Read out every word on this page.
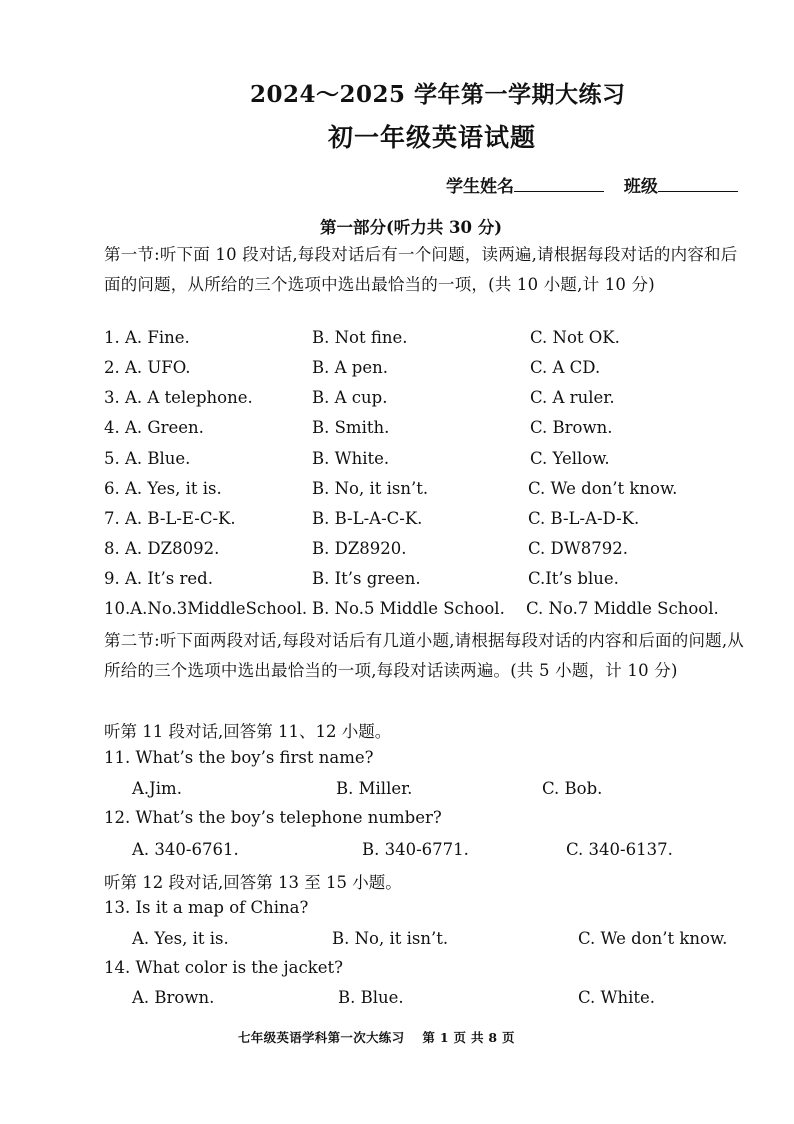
2024～2025 学年第一学期大练习
初一年级英语试题
学生姓名	班级
第一部分(听力共 30 分)
第一节:听下面 10 段对话,每段对话后有一个问题，读两遍,请根据每段对话的内容和后面的问题，从所给的三个选项中选出最恰当的一项，(共 10 小题,计 10 分)
1. A. Fine.	B. Not fine.	C. Not OK.
2. A. UFO.	B. A pen.	C. A CD.
3. A. A telephone.	B. A cup.	C. A ruler.
4. A. Green.	B. Smith.	C. Brown.
5. A. Blue.	B. White.	C. Yellow.
6. A. Yes, it is.	B. No, it isn’t.	C. We don’t know.
7. A. B-L-E-C-K.	B. B-L-A-C-K.	C. B-L-A-D-K.
8. A. DZ8092.	B. DZ8920.	C. DW8792.
9. A. It’s red.	B. It’s green.	C.It’s blue.
10.A.No.3MiddleSchool. B. No.5 Middle School. C. No.7 Middle School.
第二节:听下面两段对话,每段对话后有几道小题,请根据每段对话的内容和后面的问题,从所给的三个选项中选出最恰当的一项,每段对话读两遍。(共 5 小题，计 10 分)
听第 11 段对话,回答第 11、12 小题。
11. What’s the boy’s first name?
A.Jim.	B. Miller.	C. Bob.
12. What’s the boy’s telephone number?
A. 340-6761.	B. 340-6771.	C. 340-6137.
听第 12 段对话,回答第 13 至 15 小题。
13. Is it a map of China?
A. Yes, it is.	B. No, it isn’t.	C. We don’t know.
14. What color is the jacket?
A. Brown.	B. Blue.	C. White.
七年级英语学科第一次大练习 第 1 页 共 8 页
